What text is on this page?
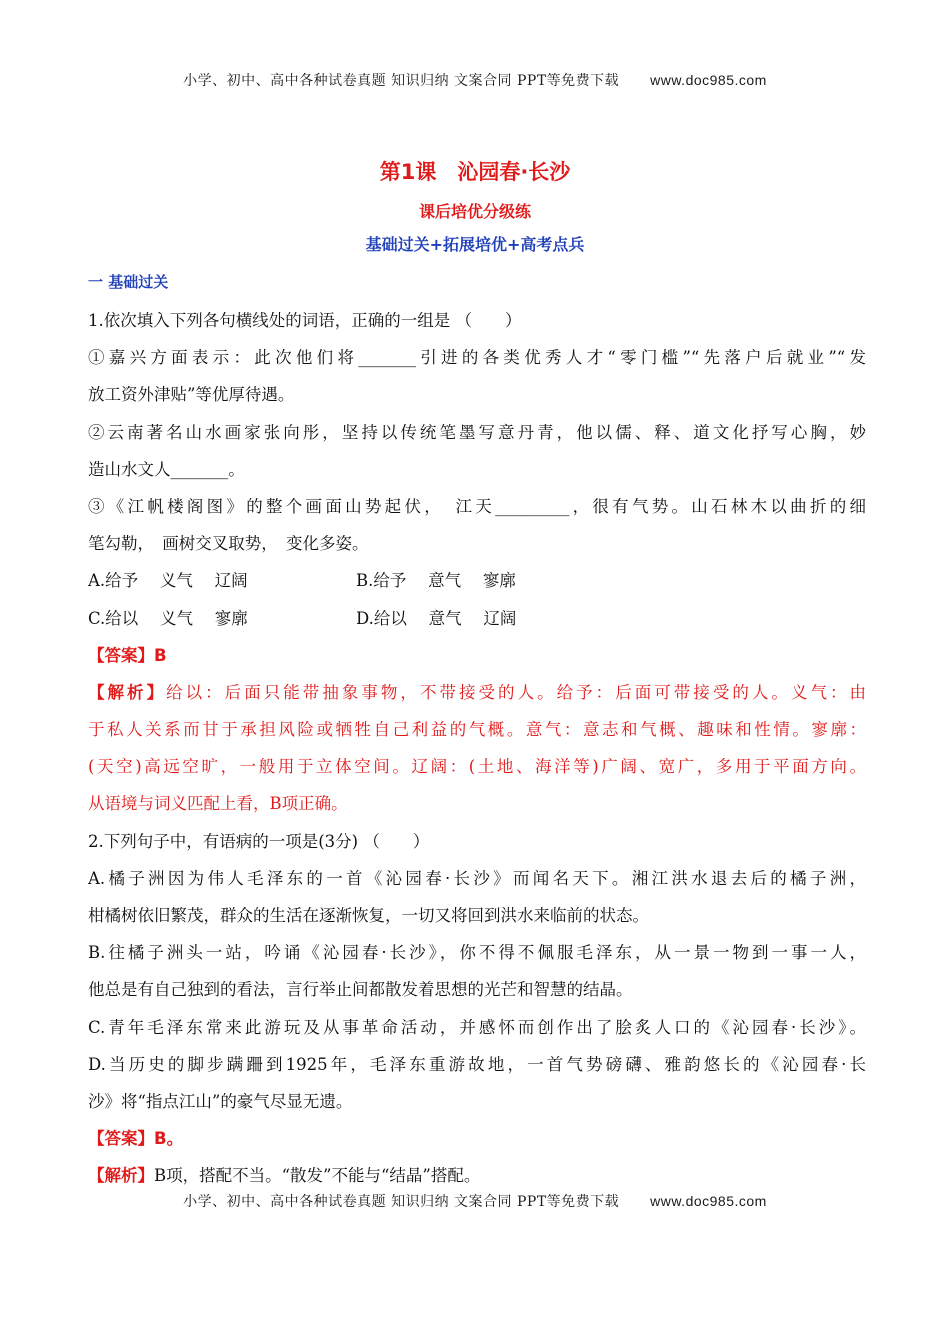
小学、初中、高中各种试卷真题 知识归纳 文案合同 PPT等免费下载 www.doc985.com
第1课　沁园春·长沙
课后培优分级练
基础过关+拓展培优+高考点兵
一 基础过关
1.依次填入下列各句横线处的词语，正确的一组是 （　　）
①嘉兴方面表示：此次他们将_______引进的各类优秀人才“零门槛”“先落户后就业”“发
放工资外津贴”等优厚待遇。
②云南著名山水画家张向彤，坚持以传统笔墨写意丹青，他以儒、释、道文化抒写心胸，妙
造山水文人_______。
③《江帆楼阁图》的整个画面山势起伏，　江天_________，很有气势。山石林木以曲折的细
笔勾勒，　画树交叉取势，　变化多姿。
A.给予　 义气　 辽阔	B.给予　 意气　 寥廓
C.给以　 义气　 寥廓	D.给以　 意气　 辽阔
【答案】B
【解析】给以：后面只能带抽象事物，不带接受的人。给予：后面可带接受的人。义气：由
于私人关系而甘于承担风险或牺牲自己利益的气概。意气：意志和气概、趣味和性情。寥廓：
(天空)高远空旷，一般用于立体空间。辽阔：(土地、海洋等)广阔、宽广，多用于平面方向。
从语境与词义匹配上看，B项正确。
2.下列句子中，有语病的一项是(3分) （　　）
A.橘子洲因为伟人毛泽东的一首《沁园春·长沙》而闻名天下。湘江洪水退去后的橘子洲，
柑橘树依旧繁茂，群众的生活在逐渐恢复，一切又将回到洪水来临前的状态。
B.往橘子洲头一站，吟诵《沁园春·长沙》，你不得不佩服毛泽东，从一景一物到一事一人，
他总是有自己独到的看法，言行举止间都散发着思想的光芒和智慧的结晶。
C.青年毛泽东常来此游玩及从事革命活动，并感怀而创作出了脍炙人口的《沁园春·长沙》。
D.当历史的脚步蹒跚到1925年，毛泽东重游故地，一首气势磅礴、雅韵悠长的《沁园春·长
沙》将“指点江山”的豪气尽显无遗。
【答案】B。
【解析】B项，搭配不当。“散发”不能与“结晶”搭配。
小学、初中、高中各种试卷真题 知识归纳 文案合同 PPT等免费下载 www.doc985.com
